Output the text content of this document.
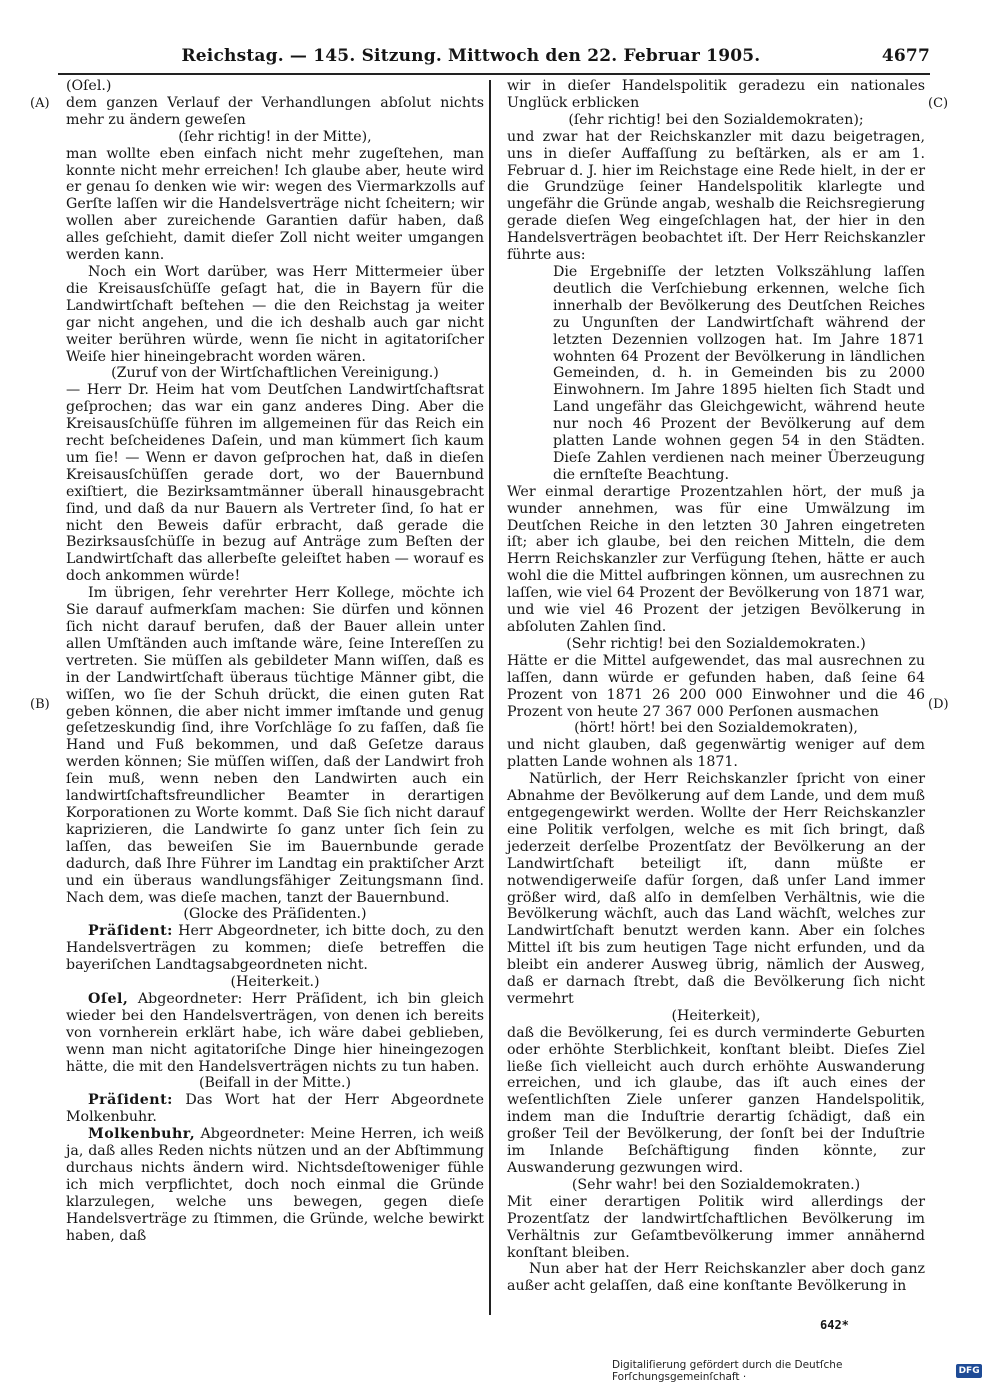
Reichstag. — 145. Sitzung. Mittwoch den 22. Februar 1905.	4677
(A)
(B)
(C)
(D)

(Oſel.)

dem ganzen Verlauf der Verhandlungen abſolut nichts mehr zu ändern geweſen

(ſehr richtig! in der Mitte),

man wollte eben einfach nicht mehr zugeſtehen, man konnte nicht mehr erreichen! Ich glaube aber, heute wird er genau ſo denken wie wir: wegen des Viermarkzolls auf Gerſte laſſen wir die Handelsverträge nicht ſcheitern; wir wollen aber zureichende Garantien dafür haben, daß alles geſchieht, damit dieſer Zoll nicht weiter umgangen werden kann.

Noch ein Wort darüber, was Herr Mittermeier über die Kreisausſchüſſe geſagt hat, die in Bayern für die Landwirtſchaft beſtehen — die den Reichstag ja weiter gar nicht angehen, und die ich deshalb auch gar nicht weiter berühren würde, wenn ſie nicht in agitatoriſcher Weiſe hier hineingebracht worden wären.

(Zuruf von der Wirtſchaftlichen Vereinigung.)

— Herr Dr. Heim hat vom Deutſchen Landwirtſchaftsrat geſprochen; das war ein ganz anderes Ding. Aber die Kreisausſchüſſe führen im allgemeinen für das Reich ein recht beſcheidenes Daſein, und man kümmert ſich kaum um ſie! — Wenn er davon geſprochen hat, daß in dieſen Kreisausſchüſſen gerade dort, wo der Bauernbund exiſtiert, die Bezirksamtmänner überall hinausgebracht ſind, und daß da nur Bauern als Vertreter ſind, ſo hat er nicht den Beweis dafür erbracht, daß gerade die Bezirksausſchüſſe in bezug auf Anträge zum Beſten der Landwirtſchaft das allerbeſte geleiſtet haben — worauf es doch ankommen würde!

Im übrigen, ſehr verehrter Herr Kollege, möchte ich Sie darauf aufmerkſam machen: Sie dürfen und können ſich nicht darauf berufen, daß der Bauer allein unter allen Umſtänden auch imſtande wäre, ſeine Intereſſen zu vertreten. Sie müſſen als gebildeter Mann wiſſen, daß es in der Landwirtſchaft überaus tüchtige Männer gibt, die wiſſen, wo ſie der Schuh drückt, die einen guten Rat geben können, die aber nicht immer imſtande und genug geſetzeskundig ſind, ihre Vorſchläge ſo zu faſſen, daß ſie Hand und Fuß bekommen, und daß Geſetze daraus werden können; Sie müſſen wiſſen, daß der Landwirt froh ſein muß, wenn neben den Landwirten auch ein landwirtſchaftsfreundlicher Beamter in derartigen Korporationen zu Worte kommt. Daß Sie ſich nicht darauf kaprizieren, die Landwirte ſo ganz unter ſich ſein zu laſſen, das beweiſen Sie im Bauernbunde gerade dadurch, daß Ihre Führer im Landtag ein praktiſcher Arzt und ein überaus wandlungsfähiger Zeitungsmann ſind. Nach dem, was dieſe machen, tanzt der Bauernbund.

(Glocke des Präſidenten.)

Präſident: Herr Abgeordneter, ich bitte doch, zu den Handelsverträgen zu kommen; dieſe betreffen die bayeriſchen Landtagsabgeordneten nicht.

(Heiterkeit.)

Oſel, Abgeordneter: Herr Präſident, ich bin gleich wieder bei den Handelsverträgen, von denen ich bereits von vornherein erklärt habe, ich wäre dabei geblieben, wenn man nicht agitatoriſche Dinge hier hineingezogen hätte, die mit den Handelsverträgen nichts zu tun haben.

(Beifall in der Mitte.)

Präſident: Das Wort hat der Herr Abgeordnete Molkenbuhr.

Molkenbuhr, Abgeordneter: Meine Herren, ich weiß ja, daß alles Reden nichts nützen und an der Abſtimmung durchaus nichts ändern wird. Nichtsdeſtoweniger fühle ich mich verpflichtet, doch noch einmal die Gründe klarzulegen, welche uns bewegen, gegen dieſe Handelsverträge zu ſtimmen, die Gründe, welche bewirkt haben, daß

wir in dieſer Handelspolitik geradezu ein nationales Unglück erblicken

(ſehr richtig! bei den Sozialdemokraten);

und zwar hat der Reichskanzler mit dazu beigetragen, uns in dieſer Auffaſſung zu beſtärken, als er am 1. Februar d. J. hier im Reichstage eine Rede hielt, in der er die Grundzüge ſeiner Handelspolitik klarlegte und ungefähr die Gründe angab, weshalb die Reichsregierung gerade dieſen Weg eingeſchlagen hat, der hier in den Handelsverträgen beobachtet iſt. Der Herr Reichskanzler führte aus:

Die Ergebniſſe der letzten Volkszählung laſſen deutlich die Verſchiebung erkennen, welche ſich innerhalb der Bevölkerung des Deutſchen Reiches zu Ungunſten der Landwirtſchaft während der letzten Dezennien vollzogen hat. Im Jahre 1871 wohnten 64 Prozent der Bevölkerung in ländlichen Gemeinden, d. h. in Gemeinden bis zu 2000 Einwohnern. Im Jahre 1895 hielten ſich Stadt und Land ungefähr das Gleichgewicht, während heute nur noch 46 Prozent der Bevölkerung auf dem platten Lande wohnen gegen 54 in den Städten. Dieſe Zahlen verdienen nach meiner Überzeugung die ernſteſte Beachtung.

Wer einmal derartige Prozentzahlen hört, der muß ja wunder annehmen, was für eine Umwälzung im Deutſchen Reiche in den letzten 30 Jahren eingetreten iſt; aber ich glaube, bei den reichen Mitteln, die dem Herrn Reichskanzler zur Verfügung ſtehen, hätte er auch wohl die die Mittel aufbringen können, um ausrechnen zu laſſen, wie viel 64 Prozent der Bevölkerung von 1871 war, und wie viel 46 Prozent der jetzigen Bevölkerung in abſoluten Zahlen ſind.

(Sehr richtig! bei den Sozialdemokraten.)

Hätte er die Mittel aufgewendet, das mal ausrechnen zu laſſen, dann würde er gefunden haben, daß ſeine 64 Prozent von 1871 26 200 000 Einwohner und die 46 Prozent von heute 27 367 000 Perſonen ausmachen

(hört! hört! bei den Sozialdemokraten),

und nicht glauben, daß gegenwärtig weniger auf dem platten Lande wohnen als 1871.

Natürlich, der Herr Reichskanzler ſpricht von einer Abnahme der Bevölkerung auf dem Lande, und dem muß entgegengewirkt werden. Wollte der Herr Reichskanzler eine Politik verfolgen, welche es mit ſich bringt, daß jederzeit derſelbe Prozentſatz der Bevölkerung an der Landwirtſchaft beteiligt iſt, dann müßte er notwendigerweiſe dafür ſorgen, daß unſer Land immer größer wird, daß alſo in demſelben Verhältnis, wie die Bevölkerung wächſt, auch das Land wächſt, welches zur Landwirtſchaft benutzt werden kann. Aber ein ſolches Mittel iſt bis zum heutigen Tage nicht erfunden, und da bleibt ein anderer Ausweg übrig, nämlich der Ausweg, daß er darnach ſtrebt, daß die Bevölkerung ſich nicht vermehrt

(Heiterkeit),

daß die Bevölkerung, ſei es durch verminderte Geburten oder erhöhte Sterblichkeit, konſtant bleibt. Dieſes Ziel ließe ſich vielleicht auch durch erhöhte Auswanderung erreichen, und ich glaube, das iſt auch eines der weſentlichſten Ziele unſerer ganzen Handelspolitik, indem man die Induſtrie derartig ſchädigt, daß ein großer Teil der Bevölkerung, der ſonſt bei der Induſtrie im Inlande Beſchäftigung finden könnte, zur Auswanderung gezwungen wird.

(Sehr wahr! bei den Sozialdemokraten.)

Mit einer derartigen Politik wird allerdings der Prozentſatz der landwirtſchaftlichen Bevölkerung im Verhältnis zur Geſamtbevölkerung immer annähernd konſtant bleiben.

Nun aber hat der Herr Reichskanzler aber doch ganz außer acht gelaſſen, daß eine konſtante Bevölkerung in

642*
Digitaliſierung gefördert durch die Deutſche Forſchungsgemeinſchaft ·	DFG
